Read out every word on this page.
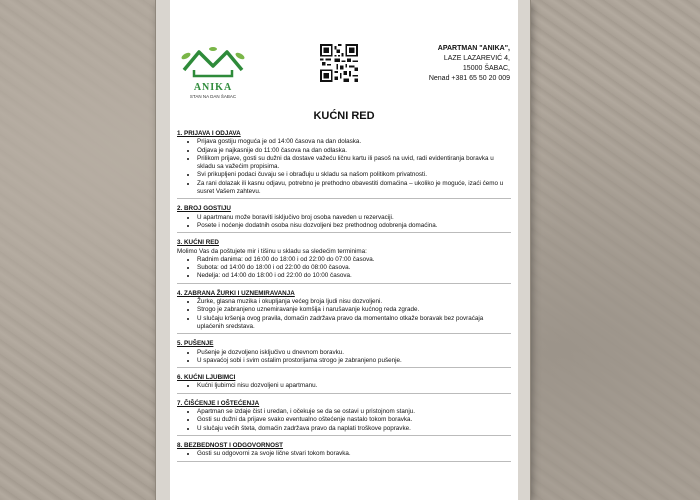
ANIKA
STAN NA DAN ŠABAC
APARTMAN "ANIKA",
LAZE LAZAREVIĆ 4,
15000 ŠABAC,
Nenad +381 65 50 20 009
KUĆNI RED
1. PRIJAVA I ODJAVA
• Prijava gostiju moguća je od 14:00 časova na dan dolaska.
• Odjava je najkasnije do 11:00 časova na dan odlaska.
• Prilikom prijave, gosti su dužni da dostave važeću ličnu kartu ili pasoš na uvid, radi evidentiranja boravka u skladu sa važećim propisima.
• Svi prikupljeni podaci čuvaju se i obrađuju u skladu sa našom politikom privatnosti.
• Za rani dolazak ili kasnu odjavu, potrebno je prethodno obavestiti domaćina – ukoliko je moguće, izaći ćemo u susret Vašem zahtevu.
2. BROJ GOSTIJU
• U apartmanu može boraviti isključivo broj osoba naveden u rezervaciji.
• Posete i noćenje dodatnih osoba nisu dozvoljeni bez prethodnog odobrenja domaćina.
3. KUĆNI RED
Molimo Vas da poštujete mir i tišinu u skladu sa sledećim terminima:
• Radnim danima: od 16:00 do 18:00 i od 22:00 do 07:00 časova.
• Subota: od 14:00 do 18:00 i od 22:00 do 08:00 časova.
• Nedelja: od 14:00 do 18:00 i od 22:00 do 10:00 časova.
4. ZABRANA ŽURKI I UZNEMIRAVANJA
• Žurke, glasna muzika i okupljanja većeg broja ljudi nisu dozvoljeni.
• Strogo je zabranjeno uznemiravanje komšija i narušavanje kućnog reda zgrade.
• U slučaju kršenja ovog pravila, domaćin zadržava pravo da momentalno otkaže boravak bez povraćaja uplaćenih sredstava.
5. PUŠENJE
• Pušenje je dozvoljeno isključivo u dnevnom boravku.
• U spavaćoj sobi i svim ostalim prostorijama strogo je zabranjeno pušenje.
6. KUĆNI LJUBIMCI
• Kućni ljubimci nisu dozvoljeni u apartmanu.
7. ČIŠĆENJE I OŠTEĆENJA
• Apartman se izdaje čist i uredan, i očekuje se da se ostavi u pristojnom stanju.
• Gosti su dužni da prijave svako eventualno oštećenje nastalo tokom boravka.
• U slučaju većih šteta, domaćin zadržava pravo da naplati troškove popravke.
8. BEZBEDNOST I ODGOVORNOST
• Gosti su odgovorni za svoje lične stvari tokom boravka.
